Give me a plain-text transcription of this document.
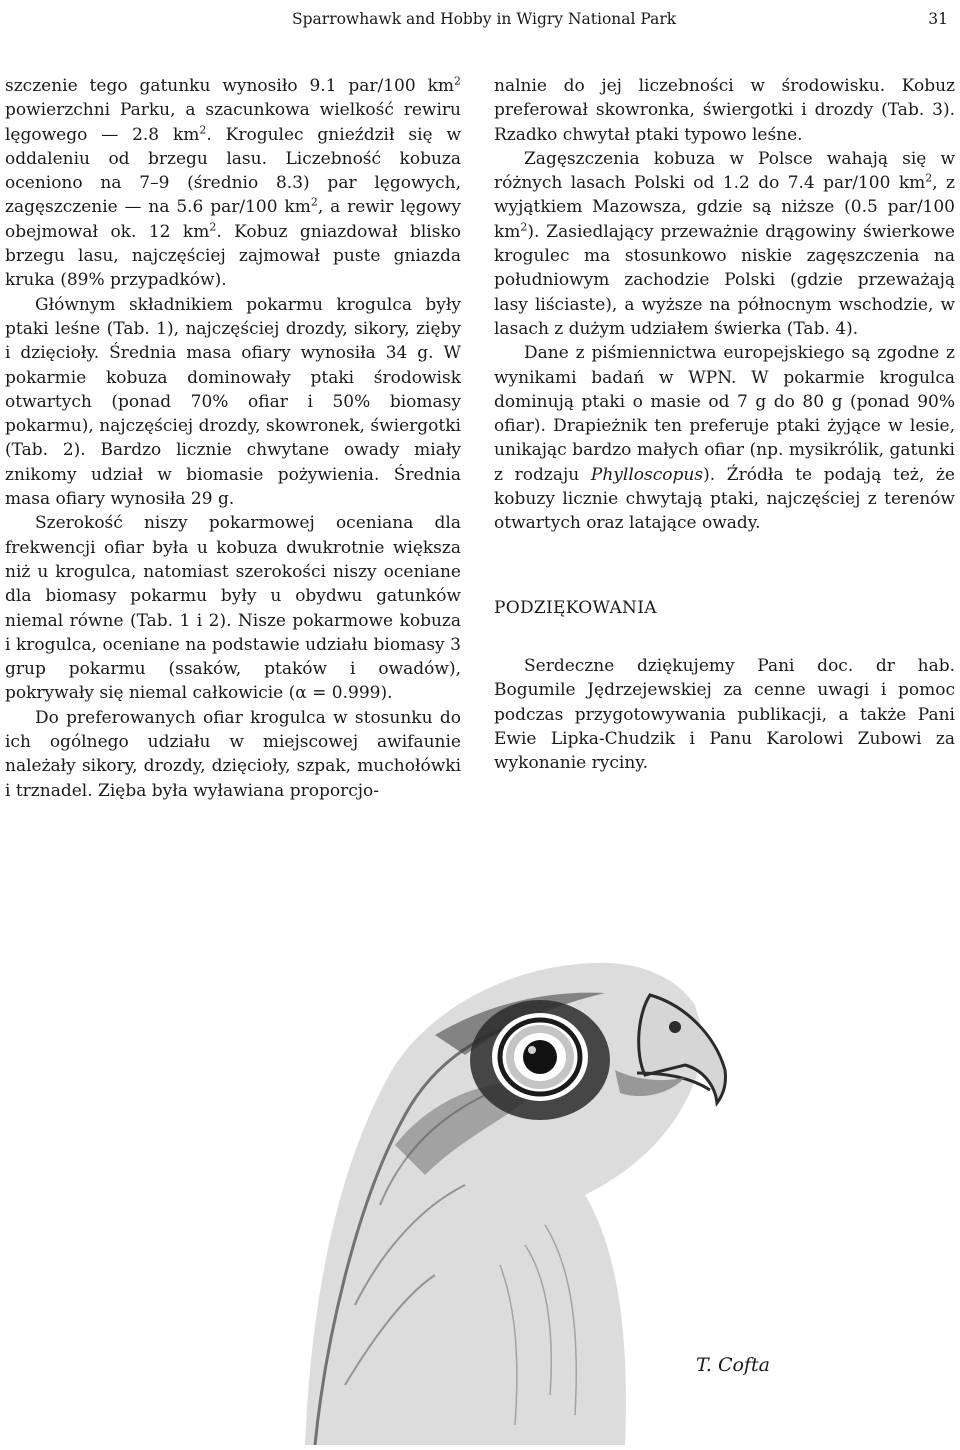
Sparrowhawk and Hobby in Wigry National Park	31

szczenie tego gatunku wynosiło 9.1 par/100 $km^2$ powierzchni Parku, a szacunkowa wielkość rewiru lęgowego — 2.8 $km^2$. Krogulec gnieździł się w oddaleniu od brzegu lasu. Liczebność kobuza oceniono na 7–9 (średnio 8.3) par lęgowych, zagęszczenie — na 5.6 par/100 $km^2$, a rewir lęgowy obejmował ok. 12 $km^2$. Kobuz gniazdował blisko brzegu lasu, najczęściej zajmował puste gniazda kruka (89% przypadków).

Głównym składnikiem pokarmu krogulca były ptaki leśne (Tab. 1), najczęściej drozdy, sikory, zięby i dzięcioły. Średnia masa ofiary wynosiła 34 g. W pokarmie kobuza dominowały ptaki środowisk otwartych (ponad 70% ofiar i 50% biomasy pokarmu), najczęściej drozdy, skowronek, świergotki (Tab. 2). Bardzo licznie chwytane owady miały znikomy udział w biomasie pożywienia. Średnia masa ofiary wynosiła 29 g.

Szerokość niszy pokarmowej oceniana dla frekwencji ofiar była u kobuza dwukrotnie większa niż u krogulca, natomiast szerokości niszy oceniane dla biomasy pokarmu były u obydwu gatunków niemal równe (Tab. 1 i 2). Nisze pokarmowe kobuza i krogulca, oceniane na podstawie udziału biomasy 3 grup pokarmu (ssaków, ptaków i owadów), pokrywały się niemal całkowicie (α = 0.999).

Do preferowanych ofiar krogulca w stosunku do ich ogólnego udziału w miejscowej awifaunie należały sikory, drozdy, dzięcioły, szpak, muchołówki i trznadel. Zięba była wyławiana proporcjo-

nalnie do jej liczebności w środowisku. Kobuz preferował skowronka, świergotki i drozdy (Tab. 3). Rzadko chwytał ptaki typowo leśne.

Zagęszczenia kobuza w Polsce wahają się w różnych lasach Polski od 1.2 do 7.4 par/100 $km^2$, z wyjątkiem Mazowsza, gdzie są niższe (0.5 par/100 $km^2$). Zasiedlający przeważnie drągowiny świerkowe krogulec ma stosunkowo niskie zagęszczenia na południowym zachodzie Polski (gdzie przeważają lasy liściaste), a wyższe na północnym wschodzie, w lasach z dużym udziałem świerka (Tab. 4).

Dane z piśmiennictwa europejskiego są zgodne z wynikami badań w WPN. W pokarmie krogulca dominują ptaki o masie od 7 g do 80 g (ponad 90% ofiar). Drapieżnik ten preferuje ptaki żyjące w lesie, unikając bardzo małych ofiar (np. mysikrólik, gatunki z rodzaju Phylloscopus). Źródła te podają też, że kobuzy licznie chwytają ptaki, najczęściej z terenów otwartych oraz latające owady.

PODZIĘKOWANIA

Serdeczne dziękujemy Pani doc. dr hab. Bogumile Jędrzejewskiej za cenne uwagi i pomoc podczas przygotowywania publikacji, a także Pani Ewie Lipka-Chudzik i Panu Karolowi Zubowi za wykonanie ryciny.

T. Cofta
